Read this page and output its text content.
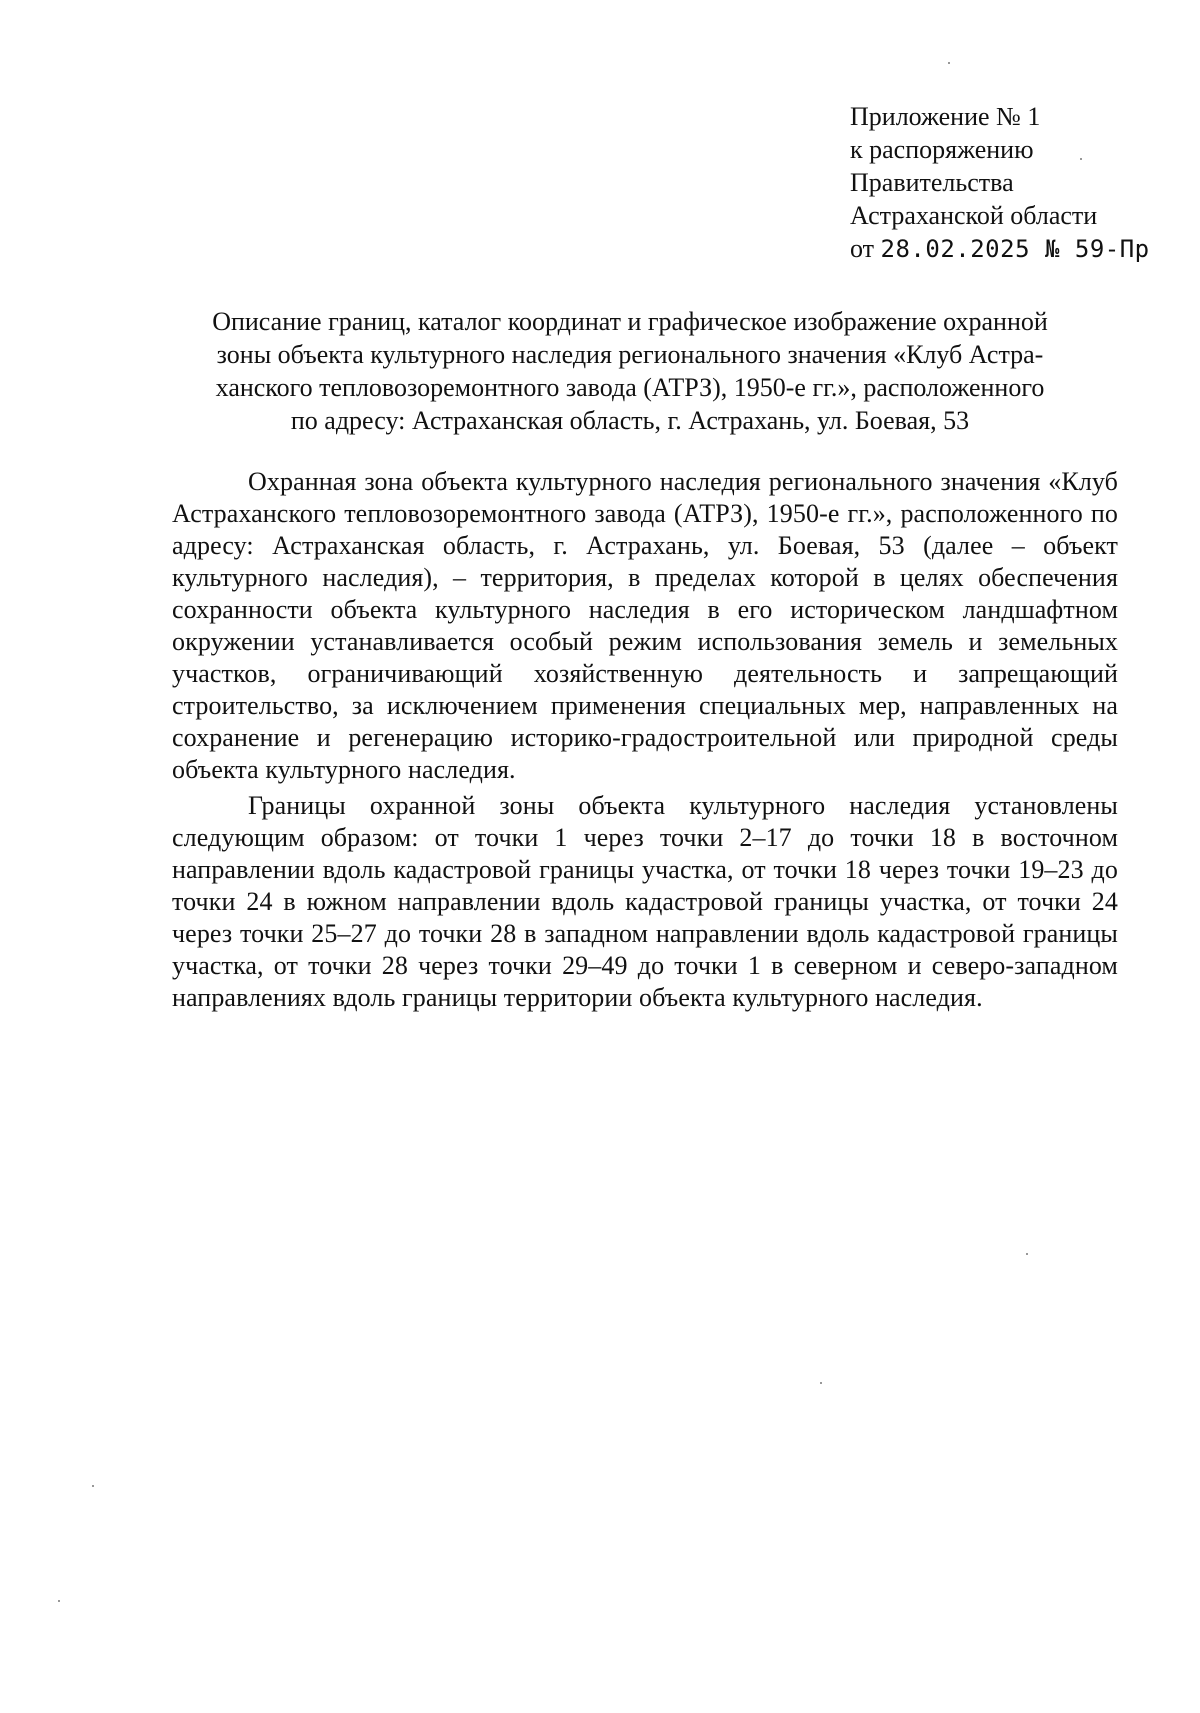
Приложение № 1
к распоряжению
Правительства
Астраханской области
от 28.02.2025 № 59-Пр
Описание границ, каталог координат и графическое изображение охранной
зоны объекта культурного наследия регионального значения «Клуб Астра-
ханского тепловозоремонтного завода (АТРЗ), 1950-е гг.», расположенного
по адресу: Астраханская область, г. Астрахань, ул. Боевая, 53

Охранная зона объекта культурного наследия регионального значения «Клуб Астраханского тепловозоремонтного завода (АТРЗ), 1950-е гг.», расположенного по адресу: Астраханская область, г. Астрахань, ул. Боевая, 53 (далее – объект культурного наследия), – территория, в пределах которой в целях обеспечения сохранности объекта культурного наследия в его историческом ландшафтном окружении устанавливается особый режим использования земель и земельных участков, ограничивающий хозяйственную деятельность и запрещающий строительство, за исключением применения специальных мер, направленных на сохранение и регенерацию историко-градостроительной или природной среды объекта культурного наследия.

Границы охранной зоны объекта культурного наследия установлены следующим образом: от точки 1 через точки 2–17 до точки 18 в восточном направлении вдоль кадастровой границы участка, от точки 18 через точки 19–23 до точки 24 в южном направлении вдоль кадастровой границы участка, от точки 24 через точки 25–27 до точки 28 в западном направлении вдоль кадастровой границы участка, от точки 28 через точки 29–49 до точки 1 в северном и северо-западном направлениях вдоль границы территории объекта культурного наследия.
